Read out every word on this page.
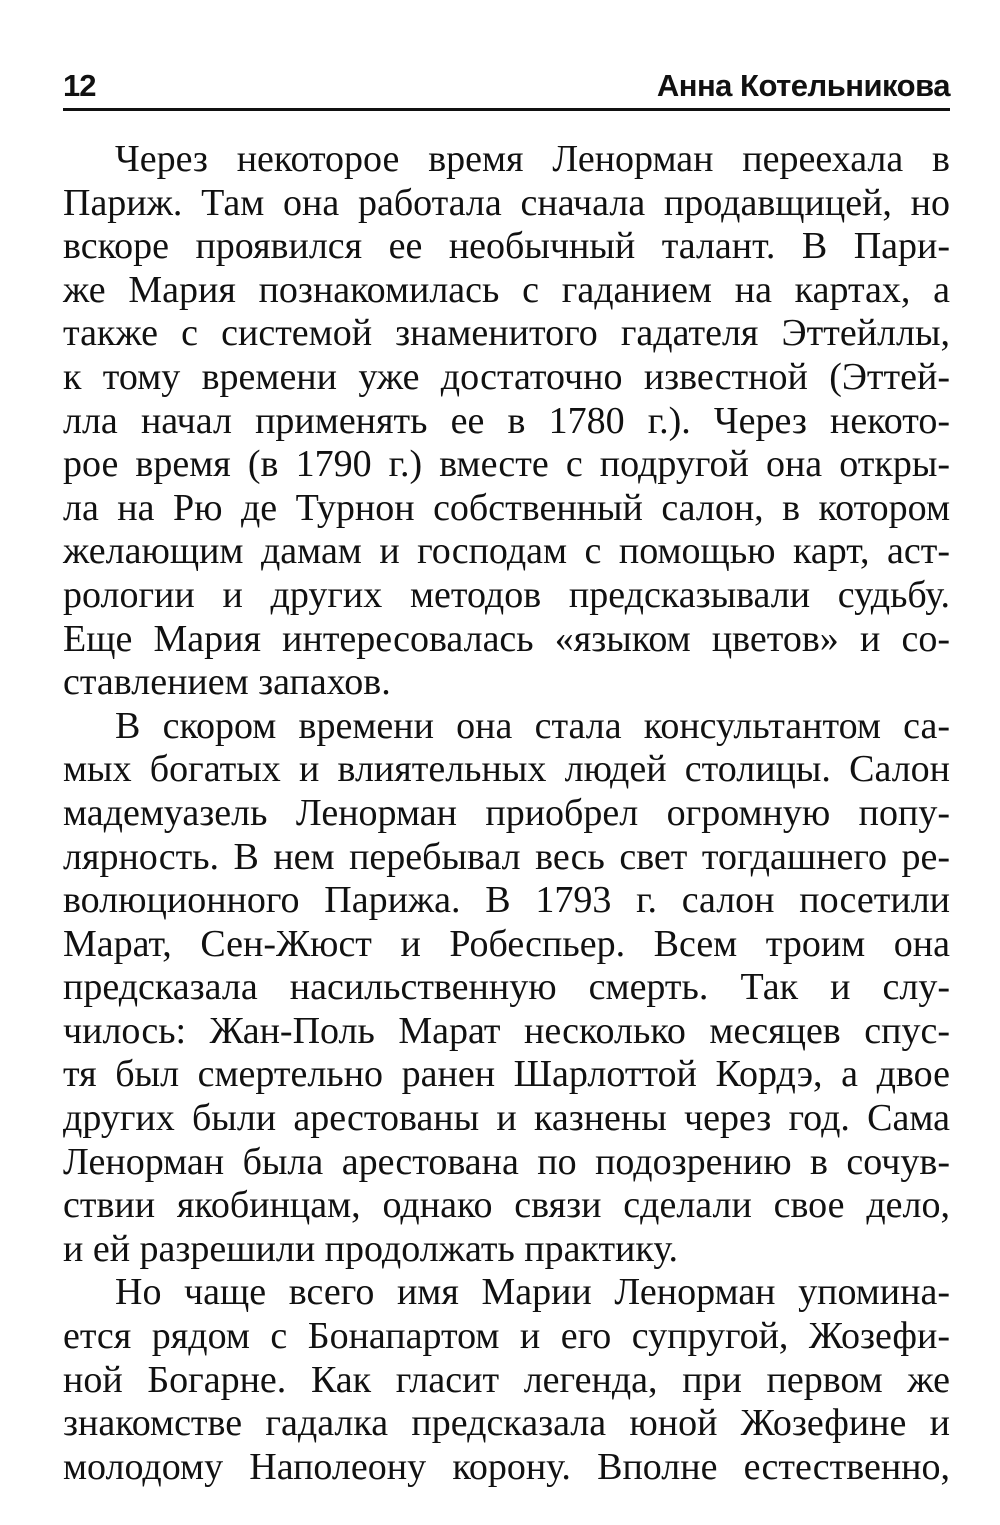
12	Анна Котельникова

Через некоторое время Ленорман переехала в
Париж. Там она работала сначала продавщицей, но
вскоре проявился ее необычный талант. В Пари-
же Мария познакомилась с гаданием на картах, а
также с системой знаменитого гадателя Эттейллы,
к тому времени уже достаточно известной (Эттей-
лла начал применять ее в 1780 г.). Через некото-
рое время (в 1790 г.) вместе с подругой она откры-
ла на Рю де Турнон собственный салон, в котором
желающим дамам и господам с помощью карт, аст-
рологии и других методов предсказывали судьбу.
Еще Мария интересовалась «языком цветов» и со-
ставлением запахов.

В скором времени она стала консультантом са-
мых богатых и влиятельных людей столицы. Салон
мадемуазель Ленорман приобрел огромную попу-
лярность. В нем перебывал весь свет тогдашнего ре-
волюционного Парижа. В 1793 г. салон посетили
Марат, Сен-Жюст и Робеспьер. Всем троим она
предсказала насильственную смерть. Так и слу-
чилось: Жан-Поль Марат несколько месяцев спус-
тя был смертельно ранен Шарлоттой Кордэ, а двое
других были арестованы и казнены через год. Сама
Ленорман была арестована по подозрению в сочув-
ствии якобинцам, однако связи сделали свое дело,
и ей разрешили продолжать практику.

Но чаще всего имя Марии Ленорман упомина-
ется рядом с Бонапартом и его супругой, Жозефи-
ной Богарне. Как гласит легенда, при первом же
знакомстве гадалка предсказала юной Жозефине и
молодому Наполеону корону. Вполне естественно,
